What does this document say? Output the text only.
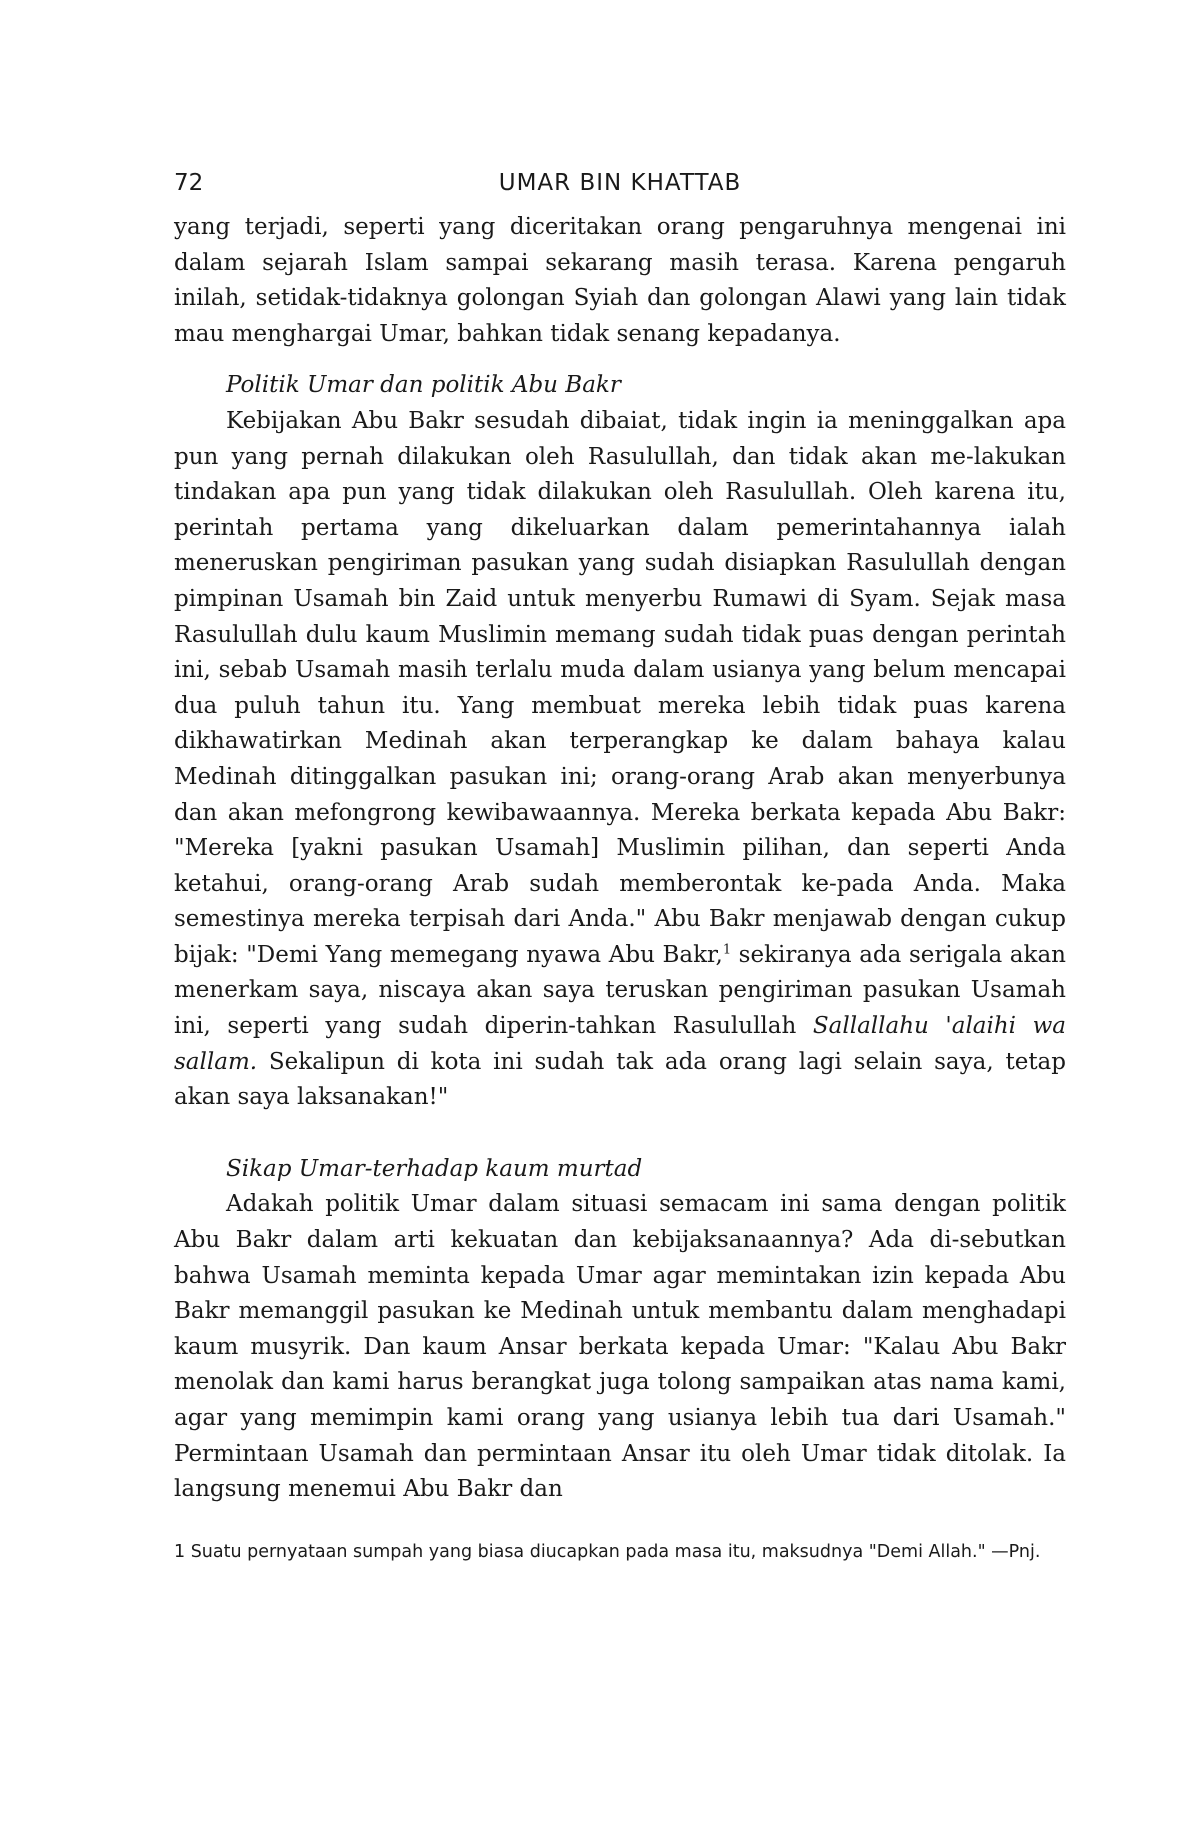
72	UMAR BIN KHATTAB

yang terjadi, seperti yang diceritakan orang pengaruhnya mengenai ini dalam sejarah Islam sampai sekarang masih terasa. Karena pengaruh inilah, setidak-tidaknya golongan Syiah dan golongan Alawi yang lain tidak mau menghargai Umar, bahkan tidak senang kepadanya.

Politik Umar dan politik Abu Bakr

Kebijakan Abu Bakr sesudah dibaiat, tidak ingin ia meninggalkan apa pun yang pernah dilakukan oleh Rasulullah, dan tidak akan me-lakukan tindakan apa pun yang tidak dilakukan oleh Rasulullah. Oleh karena itu, perintah pertama yang dikeluarkan dalam pemerintahannya ialah meneruskan pengiriman pasukan yang sudah disiapkan Rasulullah dengan pimpinan Usamah bin Zaid untuk menyerbu Rumawi di Syam. Sejak masa Rasulullah dulu kaum Muslimin memang sudah tidak puas dengan perintah ini, sebab Usamah masih terlalu muda dalam usianya yang belum mencapai dua puluh tahun itu. Yang membuat mereka lebih tidak puas karena dikhawatirkan Medinah akan terperangkap ke dalam bahaya kalau Medinah ditinggalkan pasukan ini; orang-orang Arab akan menyerbunya dan akan mefongrong kewibawaannya. Mereka berkata kepada Abu Bakr: "Mereka [yakni pasukan Usamah] Muslimin pilihan, dan seperti Anda ketahui, orang-orang Arab sudah memberontak ke-pada Anda. Maka semestinya mereka terpisah dari Anda." Abu Bakr menjawab dengan cukup bijak: "Demi Yang memegang nyawa Abu Bakr,$^1$ sekiranya ada serigala akan menerkam saya, niscaya akan saya teruskan pengiriman pasukan Usamah ini, seperti yang sudah diperin-tahkan Rasulullah Sallallahu 'alaihi wa sallam. Sekalipun di kota ini sudah tak ada orang lagi selain saya, tetap akan saya laksanakan!"

Sikap Umar-terhadap kaum murtad

Adakah politik Umar dalam situasi semacam ini sama dengan politik Abu Bakr dalam arti kekuatan dan kebijaksanaannya? Ada di-sebutkan bahwa Usamah meminta kepada Umar agar memintakan izin kepada Abu Bakr memanggil pasukan ke Medinah untuk membantu dalam menghadapi kaum musyrik. Dan kaum Ansar berkata kepada Umar: "Kalau Abu Bakr menolak dan kami harus berangkat juga tolong sampaikan atas nama kami, agar yang memimpin kami orang yang usianya lebih tua dari Usamah." Permintaan Usamah dan permintaan Ansar itu oleh Umar tidak ditolak. Ia langsung menemui Abu Bakr dan

1 Suatu pernyataan sumpah yang biasa diucapkan pada masa itu, maksudnya "Demi Allah." —Pnj.
